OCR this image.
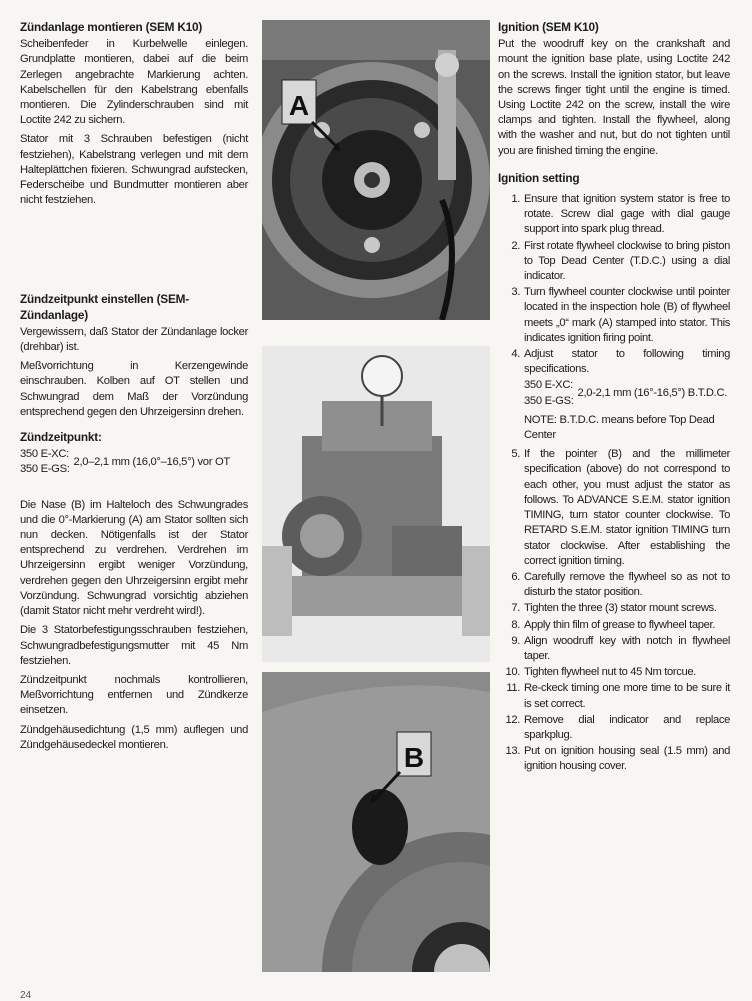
Zündanlage montieren (SEM K10)

Scheibenfeder in Kurbelwelle einlegen. Grundplatte montieren, dabei auf die beim Zerlegen angebrachte Markierung achten. Kabelschellen für den Kabelstrang ebenfalls montieren. Die Zylinderschrauben sind mit Loctite 242 zu sichern.

Stator mit 3 Schrauben befestigen (nicht festziehen), Kabelstrang verlegen und mit dem Halteplättchen fixieren. Schwungrad aufstecken, Federscheibe und Bundmutter montieren aber nicht festziehen.

Zündzeitpunkt einstellen (SEM-Zündanlage)

Vergewissern, daß Stator der Zündanlage locker (drehbar) ist.

Meßvorrichtung in Kerzengewinde einschrauben. Kolben auf OT stellen und Schwungrad dem Maß der Vorzündung entsprechend gegen den Uhrzeigersinn drehen.

Zündzeitpunkt:
350 E-XC:
350 E-GS:
2,0–2,1 mm (16,0°–16,5°) vor OT

Die Nase (B) im Halteloch des Schwungrades und die 0°-Markierung (A) am Stator sollten sich nun decken. Nötigenfalls ist der Stator entsprechend zu verdrehen. Verdrehen im Uhrzeigersinn ergibt weniger Vorzündung, verdrehen gegen den Uhrzeigersinn ergibt mehr Vorzündung. Schwungrad vorsichtig abziehen (damit Stator nicht mehr verdreht wird!).

Die 3 Statorbefestigungsschrauben festziehen, Schwungradbefestigungsmutter mit 45 Nm festziehen.

Zündzeitpunkt nochmals kontrollieren, Meßvorrichtung entfernen und Zündkerze einsetzen.

Zündgehäusedichtung (1,5 mm) auflegen und Zündgehäusedeckel montieren.

A
B
Ignition (SEM K10)

Put the woodruff key on the crankshaft and mount the ignition base plate, using Loctite 242 on the screws. Install the ignition stator, but leave the screws finger tight until the engine is timed. Using Loctite 242 on the screw, install the wire clamps and tighten. Install the flywheel, along with the washer and nut, but do not tighten until you are finished timing the engine.

Ignition setting
1. Ensure that ignition system stator is free to rotate. Screw dial gage with dial gauge support into spark plug thread.
2. First rotate flywheel clockwise to bring piston to Top Dead Center (T.D.C.) using a dial indicator.
3. Turn flywheel counter clockwise until pointer located in the inspection hole (B) of flywheel meets „0“ mark (A) stamped into stator. This indicates ignition firing point.
4. Adjust stator to following timing specifications.
350 E-XC:
350 E-GS:
2,0-2,1 mm (16°-16,5°) B.T.D.C.

NOTE: B.T.D.C. means before Top Dead Center

5. If the pointer (B) and the millimeter specification (above) do not correspond to each other, you must adjust the stator as follows. To ADVANCE S.E.M. stator ignition TIMING, turn stator counter clockwise. To RETARD S.E.M. stator ignition TIMING turn stator clockwise. After establishing the correct ignition timing.
6. Carefully remove the flywheel so as not to disturb the stator position.
7. Tighten the three (3) stator mount screws.
8. Apply thin film of grease to flywheel taper.
9. Align woodruff key with notch in flywheel taper.
10. Tighten flywheel nut to 45 Nm torcue.
11. Re-ckeck timing one more time to be sure it is set correct.
12. Remove dial indicator and replace sparkplug.
13. Put on ignition housing seal (1.5 mm) and ignition housing cover.
24
